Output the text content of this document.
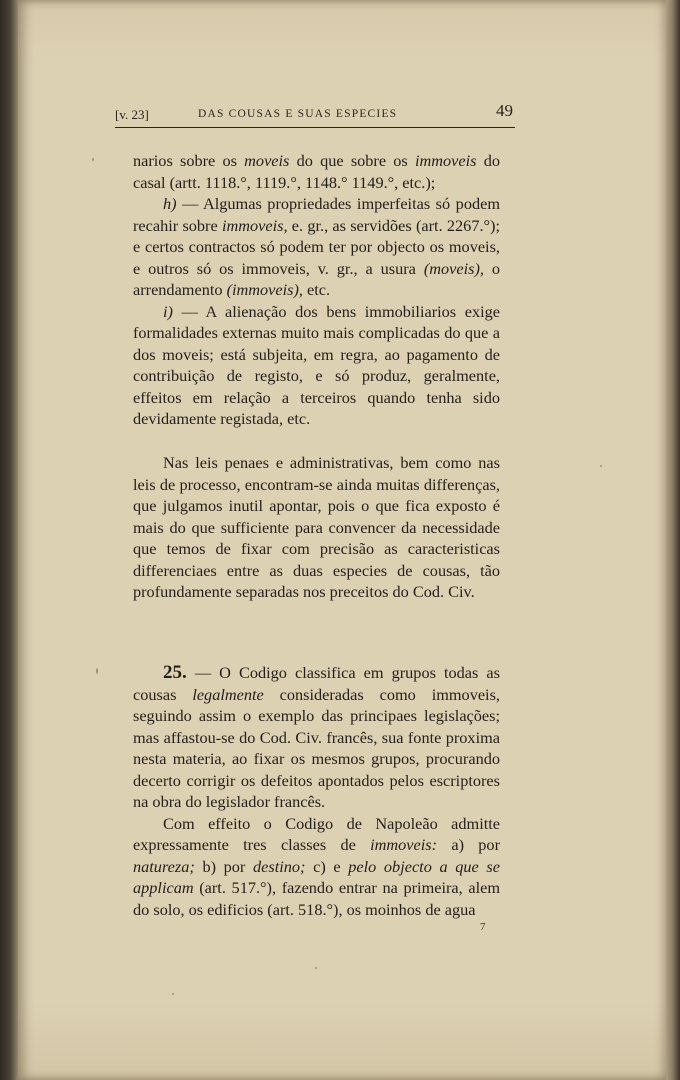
[v. 23]	DAS COUSAS E SUAS ESPECIES	49

narios sobre os moveis do que sobre os immoveis do casal (artt. 1118.°, 1119.°, 1148.° 1149.°, etc.);

h) — Algumas propriedades imperfeitas só podem recahir sobre immoveis, e. gr., as servidões (art. 2267.°); e certos contractos só podem ter por objecto os moveis, e outros só os immoveis, v. gr., a usura (moveis), o arrendamento (immoveis), etc.

i) — A alienação dos bens immobiliarios exige formalidades externas muito mais complicadas do que a dos moveis; está subjeita, em regra, ao pagamento de contribuição de registo, e só produz, geralmente, effeitos em relação a terceiros quando tenha sido devidamente registada, etc.

Nas leis penaes e administrativas, bem como nas leis de processo, encontram-se ainda muitas differenças, que julgamos inutil apontar, pois o que fica exposto é mais do que sufficiente para convencer da necessidade que temos de fixar com precisão as caracteristicas differenciaes entre as duas especies de cousas, tão profundamente separadas nos preceitos do Cod. Civ.

25. — O Codigo classifica em grupos todas as cousas legalmente consideradas como immoveis, seguindo assim o exemplo das principaes legislações; mas affastou-se do Cod. Civ. francês, sua fonte proxima nesta materia, ao fixar os mesmos grupos, procurando decerto corrigir os defeitos apontados pelos escriptores na obra do legislador francês.

Com effeito o Codigo de Napoleão admitte expressamente tres classes de immoveis: a) por natureza; b) por destino; c) e pelo objecto a que se applicam (art. 517.°), fazendo entrar na primeira, alem do solo, os edificios (art. 518.°), os moinhos de agua

7
